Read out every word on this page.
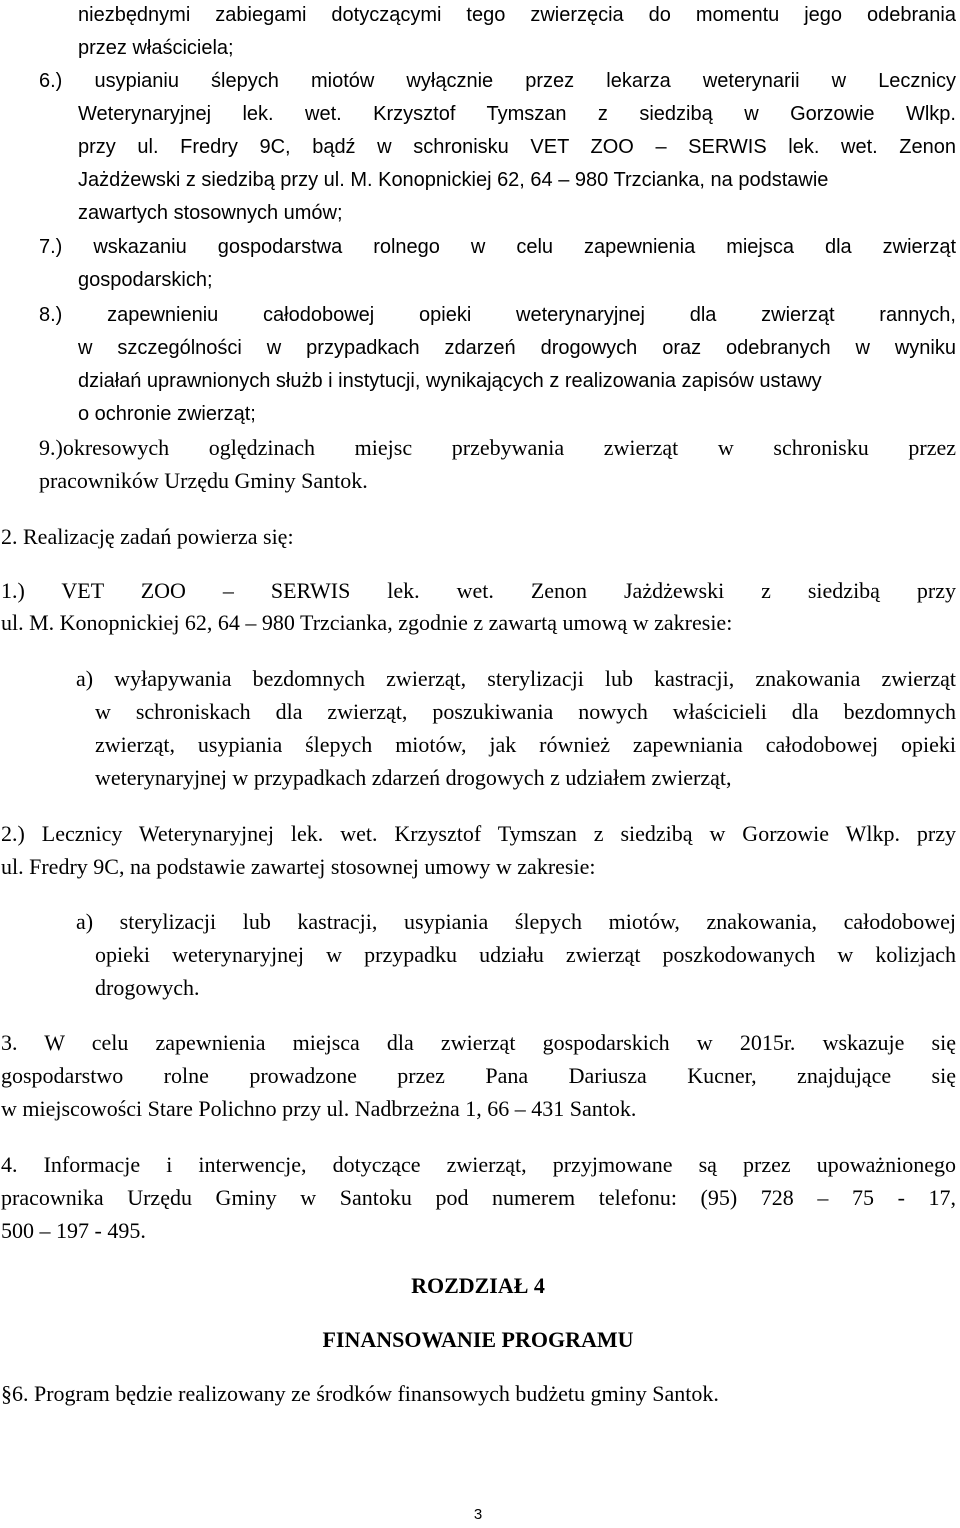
niezbędnymi zabiegami dotyczącymi tego zwierzęcia do momentu jego odebrania
przez właściciela;
6.) usypianiu ślepych miotów wyłącznie przez lekarza weterynarii w Lecznicy
Weterynaryjnej lek. wet. Krzysztof Tymszan z siedzibą w Gorzowie Wlkp.
przy ul. Fredry 9C, bądź w schronisku VET ZOO – SERWIS lek. wet. Zenon
Jażdżewski z siedzibą przy ul. M. Konopnickiej 62, 64 – 980 Trzcianka, na podstawie
zawartych stosownych umów;
7.) wskazaniu gospodarstwa rolnego w celu zapewnienia miejsca dla zwierząt
gospodarskich;
8.) zapewnieniu całodobowej opieki weterynaryjnej dla zwierząt rannych,
w szczególności w przypadkach zdarzeń drogowych oraz odebranych w wyniku
działań uprawnionych służb i instytucji, wynikających z realizowania zapisów ustawy
o ochronie zwierząt;
9.)okresowych oględzinach miejsc przebywania zwierząt w schronisku przez
pracowników Urzędu Gminy Santok.
2. Realizację zadań powierza się:
1.) VET ZOO – SERWIS lek. wet. Zenon Jażdżewski z siedzibą przy
ul. M. Konopnickiej 62, 64 – 980 Trzcianka, zgodnie z zawartą umową w zakresie:
a) wyłapywania bezdomnych zwierząt, sterylizacji lub kastracji, znakowania zwierząt
w schroniskach dla zwierząt, poszukiwania nowych właścicieli dla bezdomnych
zwierząt, usypiania ślepych miotów, jak również zapewniania całodobowej opieki
weterynaryjnej w przypadkach zdarzeń drogowych z udziałem zwierząt,
2.) Lecznicy Weterynaryjnej lek. wet. Krzysztof Tymszan z siedzibą w Gorzowie Wlkp. przy
ul. Fredry 9C, na podstawie zawartej stosownej umowy w zakresie:
a) sterylizacji lub kastracji, usypiania ślepych miotów, znakowania, całodobowej
opieki weterynaryjnej w przypadku udziału zwierząt poszkodowanych w kolizjach
drogowych.
3. W celu zapewnienia miejsca dla zwierząt gospodarskich w 2015r. wskazuje się
gospodarstwo rolne prowadzone przez Pana Dariusza Kucner, znajdujące się
w miejscowości Stare Polichno przy ul. Nadbrzeżna 1, 66 – 431 Santok.
4. Informacje i interwencje, dotyczące zwierząt, przyjmowane są przez upoważnionego
pracownika Urzędu Gminy w Santoku pod numerem telefonu: (95) 728 – 75 - 17,
500 – 197 - 495.
ROZDZIAŁ 4
FINANSOWANIE PROGRAMU
§6. Program będzie realizowany ze środków finansowych budżetu gminy Santok.
3
